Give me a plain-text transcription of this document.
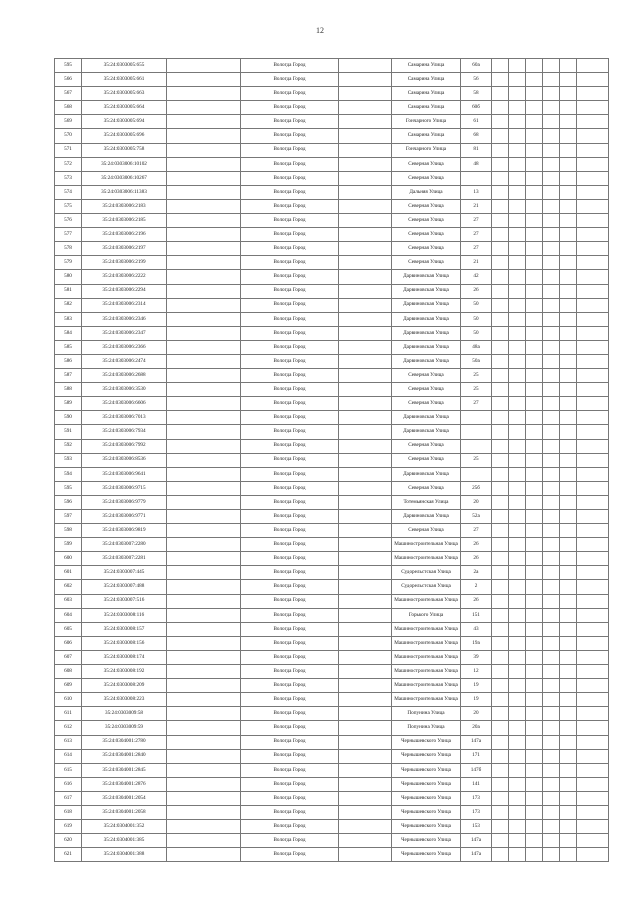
12
595	35:24:0303005:655		Вологда Город		Самарина Улица	60а						
566	35:24:0303005:661		Вологда Город		Самарина Улица	56						
567	35:24:0303005:663		Вологда Город		Самарина Улица	58						
568	35:24:0303005:664		Вологда Город		Самарина Улица	60б						
569	35:24:0303005:694		Вологда Город		Гончарного Улица	61						
570	35:24:0303005:696		Вологда Город		Самарина Улица	68						
571	35:24:0303005:758		Вологда Город		Гончарного Улица	81						
572	35:24:0303006:10102		Вологда Город		Северная Улица	48						
573	35:24:0303006:10267		Вологда Город		Северная Улица							
574	35:24:0303006:11383		Вологда Город		Дальняя Улица	13						
575	35:24:0303006:2183		Вологда Город		Северная Улица	21						
576	35:24:0303006:2185		Вологда Город		Северная Улица	27						
577	35:24:0303006:2196		Вологда Город		Северная Улица	27						
578	35:24:0303006:2197		Вологда Город		Северная Улица	27						
579	35:24:0303006:2199		Вологда Город		Северная Улица	21						
580	35:24:0303006:2222		Вологда Город		Дарвиновская Улица	42						
581	35:24:0303006:2294		Вологда Город		Дарвиновская Улица	26						
582	35:24:0303006:2314		Вологда Город		Дарвиновская Улица	50						
583	35:24:0303006:2346		Вологда Город		Дарвиновская Улица	50						
584	35:24:0303006:2347		Вологда Город		Дарвиновская Улица	50						
585	35:24:0303006:2366		Вологда Город		Дарвиновская Улица	48а						
586	35:24:0303006:2474		Вологда Город		Дарвиновская Улица	50а						
587	35:24:0303006:2688		Вологда Город		Северная Улица	25						
588	35:24:0303006:3530		Вологда Город		Северная Улица	25						
589	35:24:0303006:6606		Вологда Город		Северная Улица	27						
590	35:24:0303006:7013		Вологда Город		Дарвиновская Улица							
591	35:24:0303006:7934		Вологда Город		Дарвиновская Улица							
592	35:24:0303006:7992		Вологда Город		Северная Улица							
593	35:24:0303006:8536		Вологда Город		Северная Улица	25						
594	35:24:0303006:9641		Вологда Город		Дарвиновская Улица							
595	35:24:0303006:9715		Вологда Город		Северная Улица	25б						
596	35:24:0303006:9779		Вологда Город		Тотемьянская Улица	20						
597	35:24:0303006:9771		Вологда Город		Дарвиновская Улица	52а						
598	35:24:0303006:9819		Вологда Город		Северная Улица	27						
599	35:24:0303007:2280		Вологда Город		Машиностроительная Улица	26						
600	35:24:0303007:2281		Вологда Город		Машиностроительная Улица	26						
601	35:24:0303007:445		Вологда Город		Судорельстская Улица	2а						
602	35:24:0303007:488		Вологда Город		Судорельстская Улица	2						
603	35:24:0303007:516		Вологда Город		Машиностроительная Улица	26						
604	35:24:0303008:116		Вологда Город		Горького Улица	151						
605	35:24:0303008:157		Вологда Город		Машиностроительная Улица	43						
606	35:24:0303008:156		Вологда Город		Машиностроительная Улица	19а						
607	35:24:0303008:174		Вологда Город		Машиностроительная Улица	39						
608	35:24:0303008:192		Вологда Город		Машиностроительная Улица	12						
609	35:24:0303008:209		Вологда Город		Машиностроительная Улица	19						
610	35:24:0303008:223		Вологда Город		Машиностроительная Улица	19						
611	35:24:0303009:58		Вологда Город		Попунина Улица	20						
612	35:24:0303009:59		Вологда Город		Попунина Улица	20а						
613	35:24:0304001:2780		Вологда Город		Чернышевского Улица	147а						
614	35:24:0304001:2840		Вологда Город		Чернышевского Улица	171						
615	35:24:0304001:2845		Вологда Город		Чернышевского Улица	147б						
616	35:24:0304001:2876		Вологда Город		Чернышевского Улица	141						
617	35:24:0304001:2054		Вологда Город		Чернышевского Улица	173						
618	35:24:0304001:2058		Вологда Город		Чернышевского Улица	173						
619	35:24:0304001:352		Вологда Город		Чернышевского Улица	153						
620	35:24:0304001:385		Вологда Город		Чернышевского Улица	147а						
621	35:24:0304001:388		Вологда Город		Чернышевского Улица	147а						
